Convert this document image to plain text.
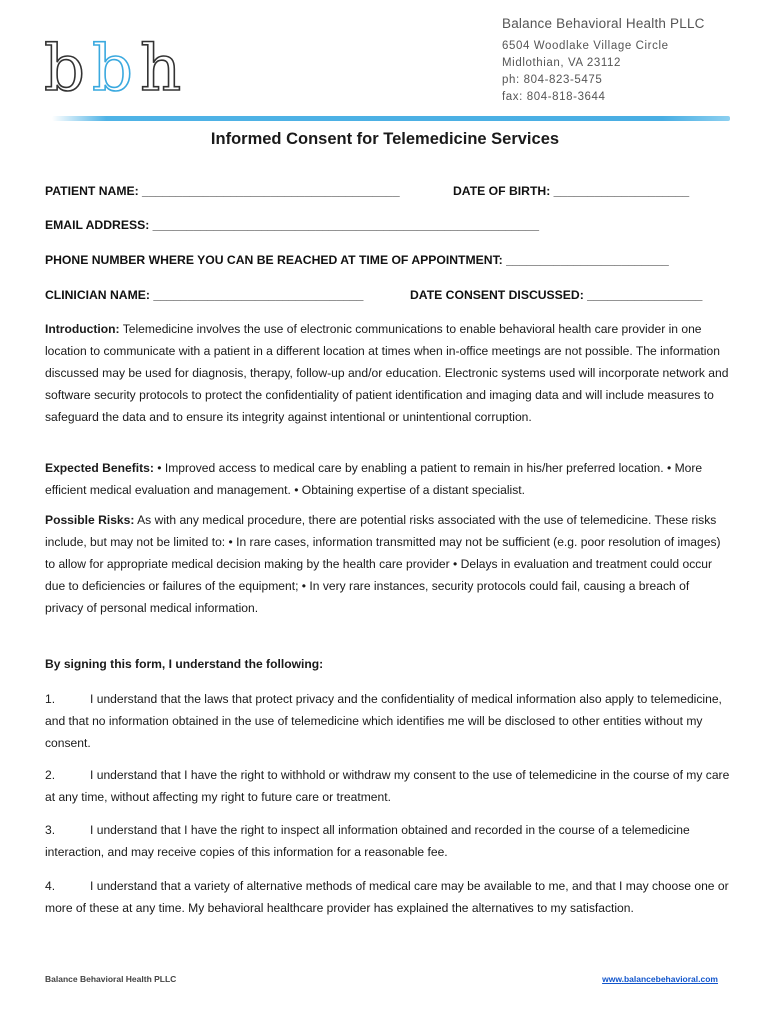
b b h
Balance Behavioral Health PLLC
6504 Woodlake Village Circle
Midlothian, VA 23112
ph: 804-823-5475
fax: 804-818-3644
Informed Consent for Telemedicine Services
PATIENT NAME: ______________________________________	DATE OF BIRTH: ____________________
EMAIL ADDRESS: _________________________________________________________
PHONE NUMBER WHERE YOU CAN BE REACHED AT TIME OF APPOINTMENT: ________________________
CLINICIAN NAME: _______________________________	DATE CONSENT DISCUSSED: _________________
Introduction: Telemedicine involves the use of electronic communications to enable behavioral health care provider in one location to communicate with a patient in a different location at times when in-office meetings are not possible. The information discussed may be used for diagnosis, therapy, follow-up and/or education. Electronic systems used will incorporate network and software security protocols to protect the confidentiality of patient identification and imaging data and will include measures to safeguard the data and to ensure its integrity against intentional or unintentional corruption.
Expected Benefits: • Improved access to medical care by enabling a patient to remain in his/her preferred location. • More efficient medical evaluation and management. • Obtaining expertise of a distant specialist.
Possible Risks: As with any medical procedure, there are potential risks associated with the use of telemedicine. These risks include, but may not be limited to: • In rare cases, information transmitted may not be sufficient (e.g. poor resolution of images) to allow for appropriate medical decision making by the health care provider • Delays in evaluation and treatment could occur due to deficiencies or failures of the equipment; • In very rare instances, security protocols could fail, causing a breach of privacy of personal medical information.
By signing this form, I understand the following:
1.	I understand that the laws that protect privacy and the confidentiality of medical information also apply to telemedicine, and that no information obtained in the use of telemedicine which identifies me will be disclosed to other entities without my consent.
2.	I understand that I have the right to withhold or withdraw my consent to the use of telemedicine in the course of my care at any time, without affecting my right to future care or treatment.
3.	I understand that I have the right to inspect all information obtained and recorded in the course of a telemedicine interaction, and may receive copies of this information for a reasonable fee.
4.	I understand that a variety of alternative methods of medical care may be available to me, and that I may choose one or more of these at any time. My behavioral healthcare provider has explained the alternatives to my satisfaction.
Balance Behavioral Health PLLC	www.balancebehavioral.com
